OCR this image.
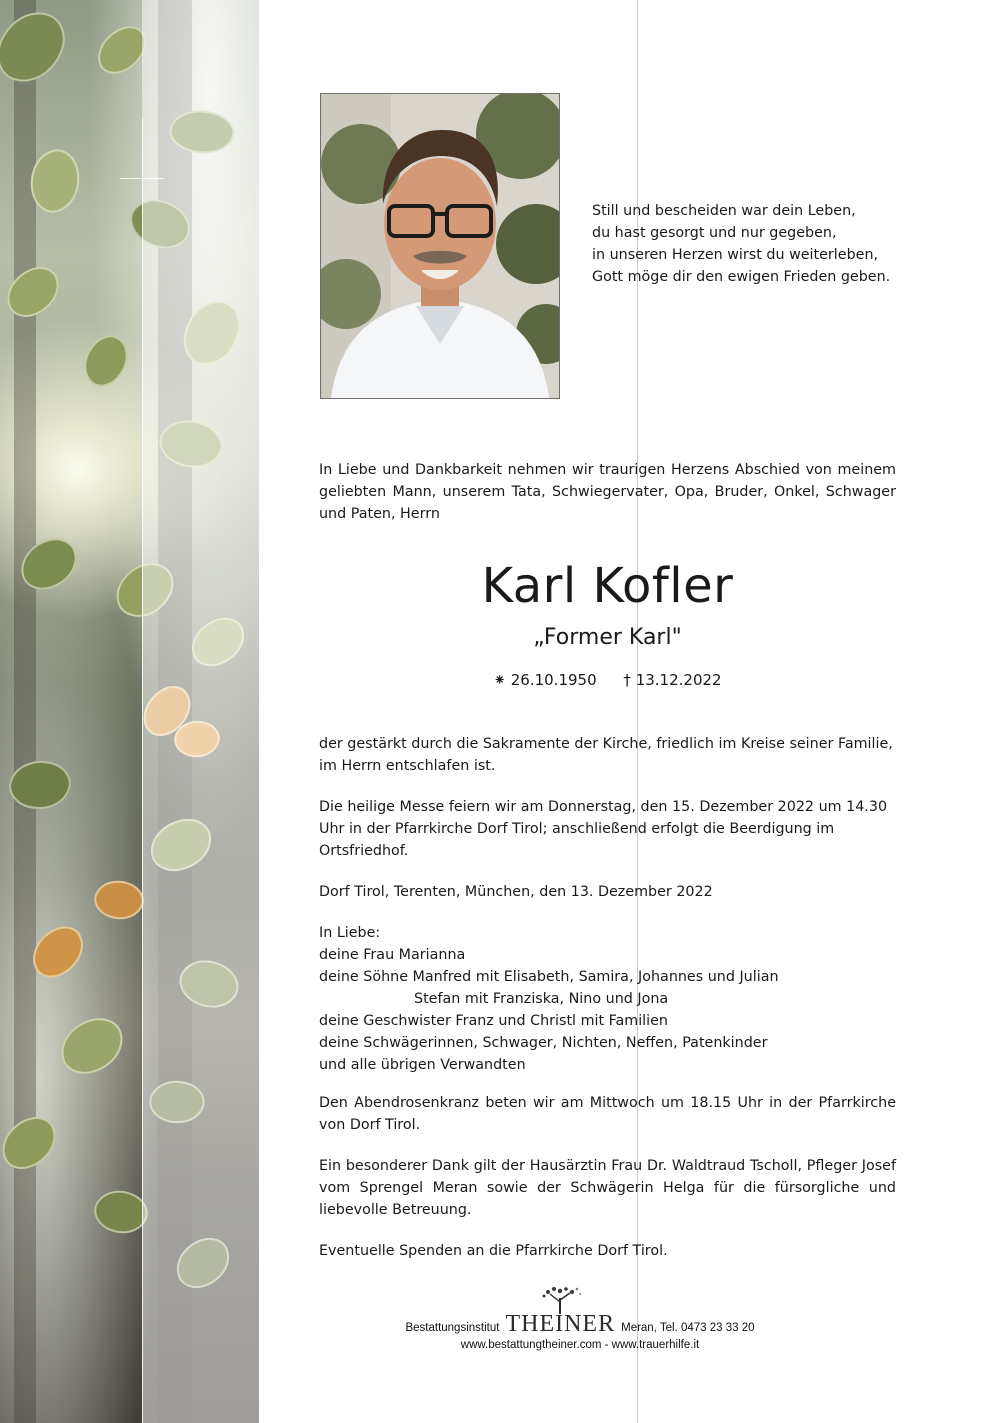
Still und bescheiden war dein Leben,
du hast gesorgt und nur gegeben,
in unseren Herzen wirst du weiterleben,
Gott möge dir den ewigen Frieden geben.
In Liebe und Dankbarkeit nehmen wir traurigen Herzens Abschied von meinem geliebten Mann, unserem Tata, Schwiegervater, Opa, Bruder, Onkel, Schwager und Paten, Herrn
Karl Kofler
„Former Karl"
⁕ 26.10.1950 † 13.12.2022
der gestärkt durch die Sakramente der Kirche, friedlich im Kreise seiner Familie, im Herrn entschlafen ist.
Die heilige Messe feiern wir am Donnerstag, den 15. Dezember 2022 um 14.30 Uhr in der Pfarrkirche Dorf Tirol; anschließend erfolgt die Beerdigung im Ortsfriedhof.
Dorf Tirol, Terenten, München, den 13. Dezember 2022
In Liebe:
deine Frau Marianna
deine Söhne Manfred mit Elisabeth, Samira, Johannes und Julian
Stefan mit Franziska, Nino und Jona
deine Geschwister Franz und Christl mit Familien
deine Schwägerinnen, Schwager, Nichten, Neffen, Patenkinder
und alle übrigen Verwandten
Den Abendrosenkranz beten wir am Mittwoch um 18.15 Uhr in der Pfarrkirche von Dorf Tirol.
Ein besonderer Dank gilt der Hausärztin Frau Dr. Waldtraud Tscholl, Pfleger Josef vom Sprengel Meran sowie der Schwägerin Helga für die fürsorgliche und liebevolle Betreuung.
Eventuelle Spenden an die Pfarrkirche Dorf Tirol.
Bestattungsinstitut THEINER Meran, Tel. 0473 23 33 20
www.bestattungtheiner.com - www.trauerhilfe.it
